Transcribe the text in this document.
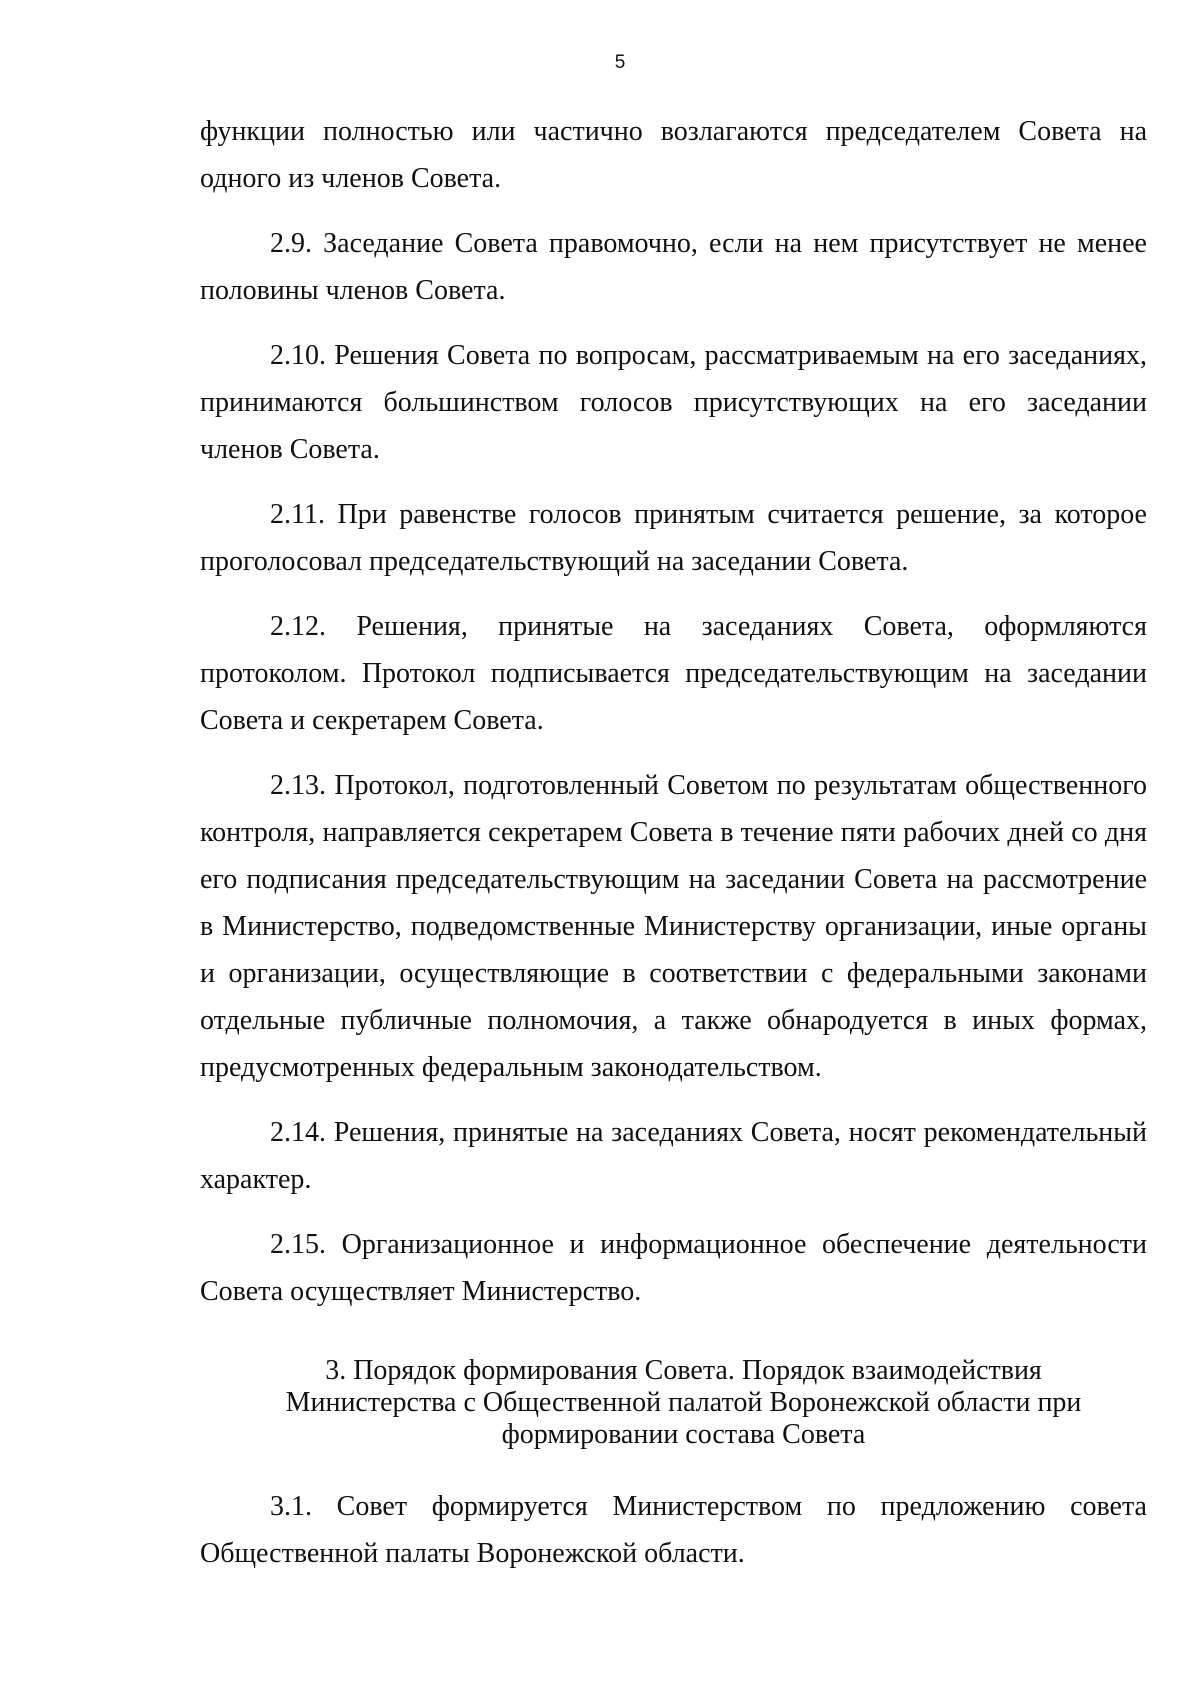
5

функции полностью или частично возлагаются председателем Совета на одного из членов Совета.

2.9. Заседание Совета правомочно, если на нем присутствует не менее половины членов Совета.

2.10. Решения Совета по вопросам, рассматриваемым на его заседаниях, принимаются большинством голосов присутствующих на его заседании членов Совета.

2.11. При равенстве голосов принятым считается решение, за которое проголосовал председательствующий на заседании Совета.

2.12. Решения, принятые на заседаниях Совета, оформляются протоколом. Протокол подписывается председательствующим на заседании Совета и секретарем Совета.

2.13. Протокол, подготовленный Советом по результатам общественного контроля, направляется секретарем Совета в течение пяти рабочих дней со дня его подписания председательствующим на заседании Совета на рассмотрение в Министерство, подведомственные Министерству организации, иные органы и организации, осуществляющие в соответствии с федеральными законами отдельные публичные полномочия, а также обнародуется в иных формах, предусмотренных федеральным законодательством.

2.14. Решения, принятые на заседаниях Совета, носят рекомендательный характер.

2.15. Организационное и информационное обеспечение деятельности Совета осуществляет Министерство.

3. Порядок формирования Совета. Порядок взаимодействия
Министерства с Общественной палатой Воронежской области при
формировании состава Совета

3.1. Совет формируется Министерством по предложению совета Общественной палаты Воронежской области.
